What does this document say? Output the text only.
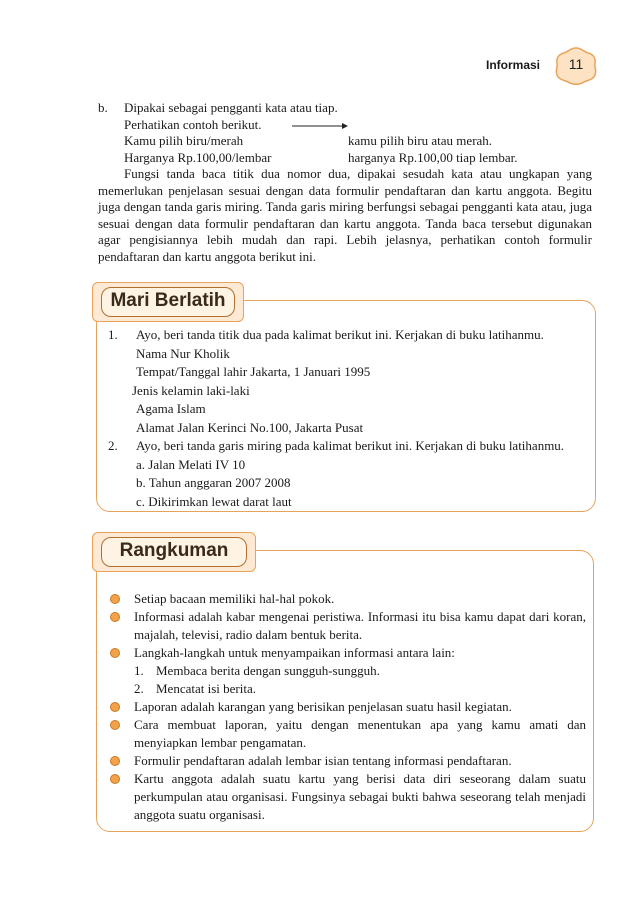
Informasi	11
b. Dipakai sebagai pengganti kata atau tiap.
Perhatikan contoh berikut.
Kamu pilih biru/merah	kamu pilih biru atau merah.
Harganya Rp.100,00/lembar	harganya Rp.100,00 tiap lembar.

Fungsi tanda baca titik dua nomor dua, dipakai sesudah kata atau ungkapan yang memerlukan penjelasan sesuai dengan data formulir pendaftaran dan kartu anggota. Begitu juga dengan tanda garis miring. Tanda garis miring berfungsi sebagai pengganti kata atau, juga sesuai dengan data formulir pendaftaran dan kartu anggota. Tanda baca tersebut digunakan agar pengisiannya lebih mudah dan rapi. Lebih jelasnya, perhatikan contoh formulir pendaftaran dan kartu anggota berikut ini.

Mari Berlatih
1. Ayo, beri tanda titik dua pada kalimat berikut ini. Kerjakan di buku latihanmu.
Nama Nur Kholik
Tempat/Tanggal lahir Jakarta, 1 Januari 1995
Jenis kelamin laki-laki
Agama Islam
Alamat Jalan Kerinci No.100, Jakarta Pusat
2. Ayo, beri tanda garis miring pada kalimat berikut ini. Kerjakan di buku latihanmu.
a. Jalan Melati IV 10
b. Tahun anggaran 2007 2008
c. Dikirimkan lewat darat laut
Rangkuman
Setiap bacaan memiliki hal-hal pokok.
Informasi adalah kabar mengenai peristiwa. Informasi itu bisa kamu dapat dari koran, majalah, televisi, radio dalam bentuk berita.
Langkah-langkah untuk menyampaikan informasi antara lain:
1. Membaca berita dengan sungguh-sungguh.
2. Mencatat isi berita.
Laporan adalah karangan yang berisikan penjelasan suatu hasil kegiatan.
Cara membuat laporan, yaitu dengan menentukan apa yang kamu amati dan menyiapkan lembar pengamatan.
Formulir pendaftaran adalah lembar isian tentang informasi pendaftaran.
Kartu anggota adalah suatu kartu yang berisi data diri seseorang dalam suatu perkumpulan atau organisasi. Fungsinya sebagai bukti bahwa seseorang telah menjadi anggota suatu organisasi.
